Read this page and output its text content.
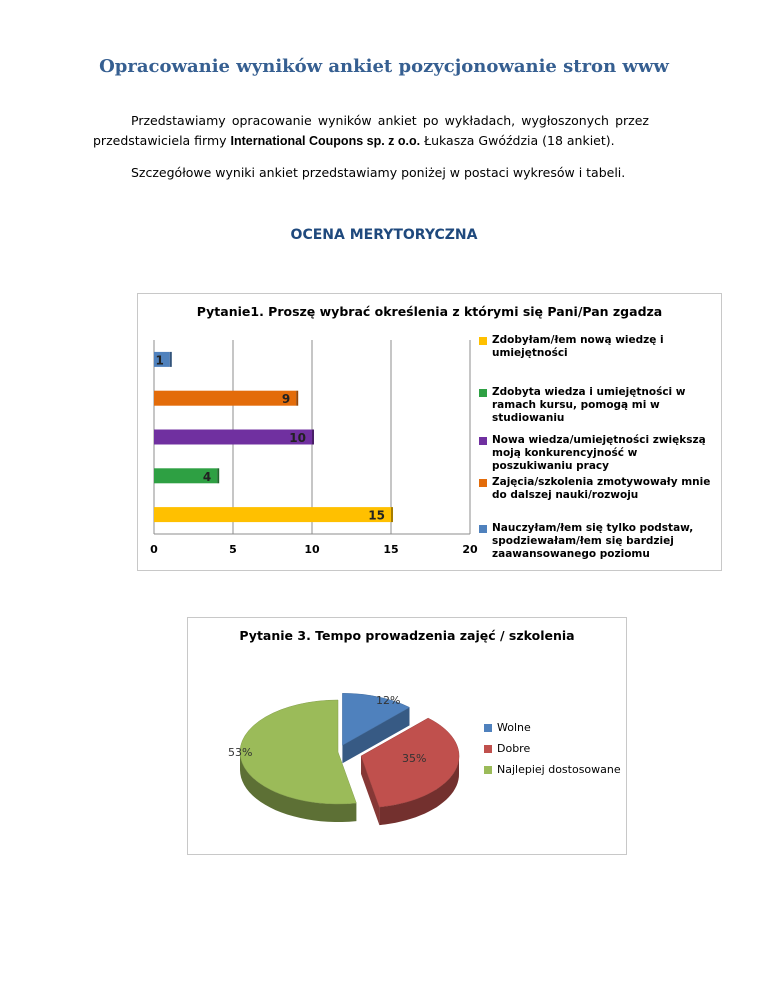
Opracowanie wyników ankiet pozycjonowanie stron www
Przedstawiamy opracowanie wyników ankiet po wykładach, wygłoszonych przez przedstawiciela firmy International Coupons sp. z o.o. Łukasza Gwóździa (18 ankiet).
Szczegółowe wyniki ankiet przedstawiamy poniżej w postaci wykresów i tabeli.
OCENA MERYTORYCZNA
Pytanie1. Proszę wybrać określenia z którymi się Pani/Pan zgadza
0	5	10	15	20
15
4
10
9
1
Zdobyłam/łem nową wiedzę i umiejętności
Zdobyta wiedza i umiejętności w ramach kursu, pomogą mi w studiowaniu
Nowa wiedza/umiejętności zwiększą moją konkurencyjność w poszukiwaniu pracy
Zajęcia/szkolenia zmotywowały mnie do dalszej nauki/rozwoju
Nauczyłam/łem się tylko podstaw, spodziewałam/łem się bardziej zaawansowanego poziomu
Pytanie 3. Tempo prowadzenia zajęć / szkolenia
12%
35%
53%
Wolne
Dobre
Najlepiej dostosowane
